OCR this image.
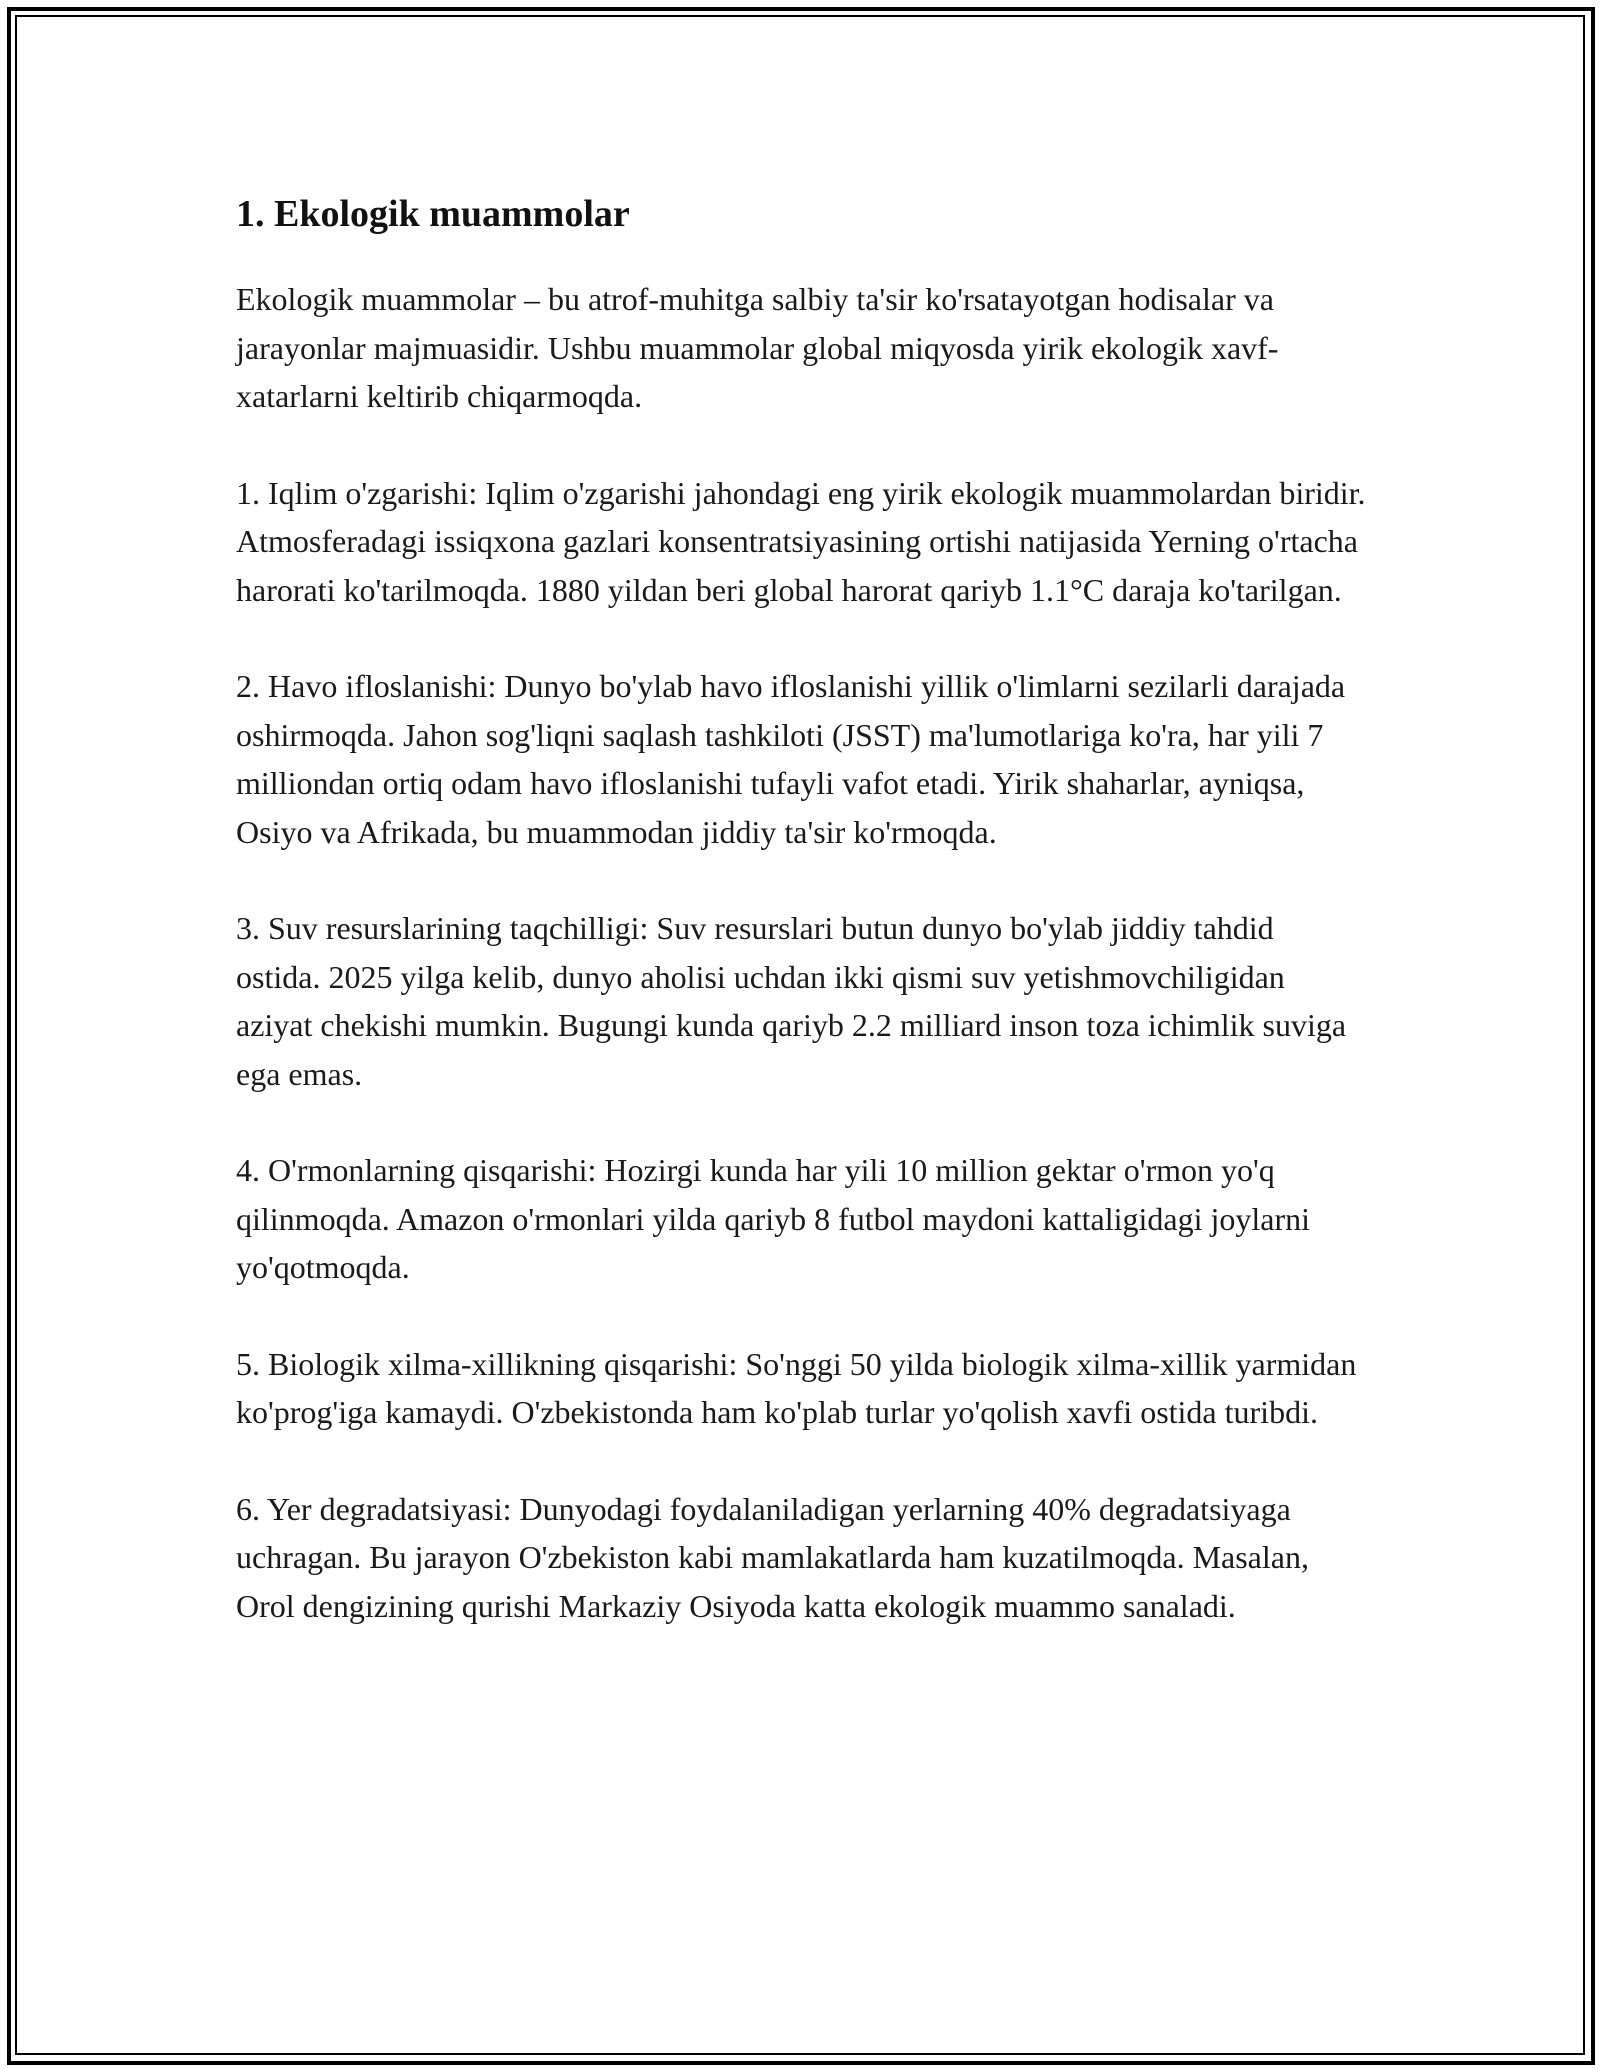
1. Ekologik muammolar

Ekologik muammolar – bu atrof-muhitga salbiy ta'sir ko'rsatayotgan hodisalar va jarayonlar majmuasidir. Ushbu muammolar global miqyosda yirik ekologik xavf-xatarlarni keltirib chiqarmoqda.

1. Iqlim o'zgarishi: Iqlim o'zgarishi jahondagi eng yirik ekologik muammolardan biridir. Atmosferadagi issiqxona gazlari konsentratsiyasining ortishi natijasida Yerning o'rtacha harorati ko'tarilmoqda. 1880 yildan beri global harorat qariyb 1.1°C daraja ko'tarilgan.

2. Havo ifloslanishi: Dunyo bo'ylab havo ifloslanishi yillik o'limlarni sezilarli darajada oshirmoqda. Jahon sog'liqni saqlash tashkiloti (JSST) ma'lumotlariga ko'ra, har yili 7 milliondan ortiq odam havo ifloslanishi tufayli vafot etadi. Yirik shaharlar, ayniqsa, Osiyo va Afrikada, bu muammodan jiddiy ta'sir ko'rmoqda.

3. Suv resurslarining taqchilligi: Suv resurslari butun dunyo bo'ylab jiddiy tahdid ostida. 2025 yilga kelib, dunyo aholisi uchdan ikki qismi suv yetishmovchiligidan aziyat chekishi mumkin. Bugungi kunda qariyb 2.2 milliard inson toza ichimlik suviga ega emas.

4. O'rmonlarning qisqarishi: Hozirgi kunda har yili 10 million gektar o'rmon yo'q qilinmoqda. Amazon o'rmonlari yilda qariyb 8 futbol maydoni kattaligidagi joylarni yo'qotmoqda.

5. Biologik xilma-xillikning qisqarishi: So'nggi 50 yilda biologik xilma-xillik yarmidan ko'prog'iga kamaydi. O'zbekistonda ham ko'plab turlar yo'qolish xavfi ostida turibdi.

6. Yer degradatsiyasi: Dunyodagi foydalaniladigan yerlarning 40% degradatsiyaga uchragan. Bu jarayon O'zbekiston kabi mamlakatlarda ham kuzatilmoqda. Masalan, Orol dengizining qurishi Markaziy Osiyoda katta ekologik muammo sanaladi.
